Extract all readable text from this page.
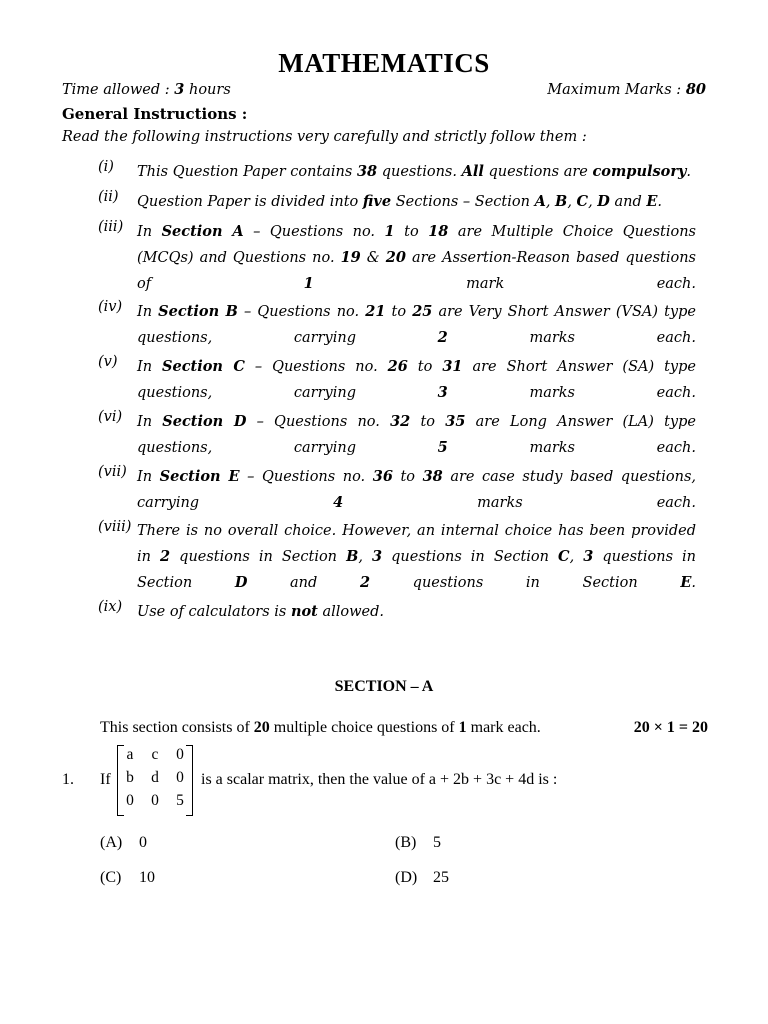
MATHEMATICS
Time allowed : 3 hours	Maximum Marks : 80
General Instructions :
Read the following instructions very carefully and strictly follow them :
(i) This Question Paper contains 38 questions. All questions are compulsory.
(ii) Question Paper is divided into five Sections – Section A, B, C, D and E.
(iii) In Section A – Questions no. 1 to 18 are Multiple Choice Questions (MCQs) and Questions no. 19 & 20 are Assertion-Reason based questions of 1 mark each.
(iv) In Section B – Questions no. 21 to 25 are Very Short Answer (VSA) type questions, carrying 2 marks each.
(v) In Section C – Questions no. 26 to 31 are Short Answer (SA) type questions, carrying 3 marks each.
(vi) In Section D – Questions no. 32 to 35 are Long Answer (LA) type questions, carrying 5 marks each.
(vii) In Section E – Questions no. 36 to 38 are case study based questions, carrying 4 marks each.
(viii) There is no overall choice. However, an internal choice has been provided in 2 questions in Section B, 3 questions in Section C, 3 questions in Section D and 2 questions in Section E.
(ix) Use of calculators is not allowed.
SECTION – A
This section consists of 20 multiple choice questions of 1 mark each.	20 × 1 = 20
1. If
a	c	0
b	d	0
0	0	5
is a scalar matrix, then the value of a + 2b + 3c + 4d is :
(A) 0	(B) 5
(C) 10	(D) 25
